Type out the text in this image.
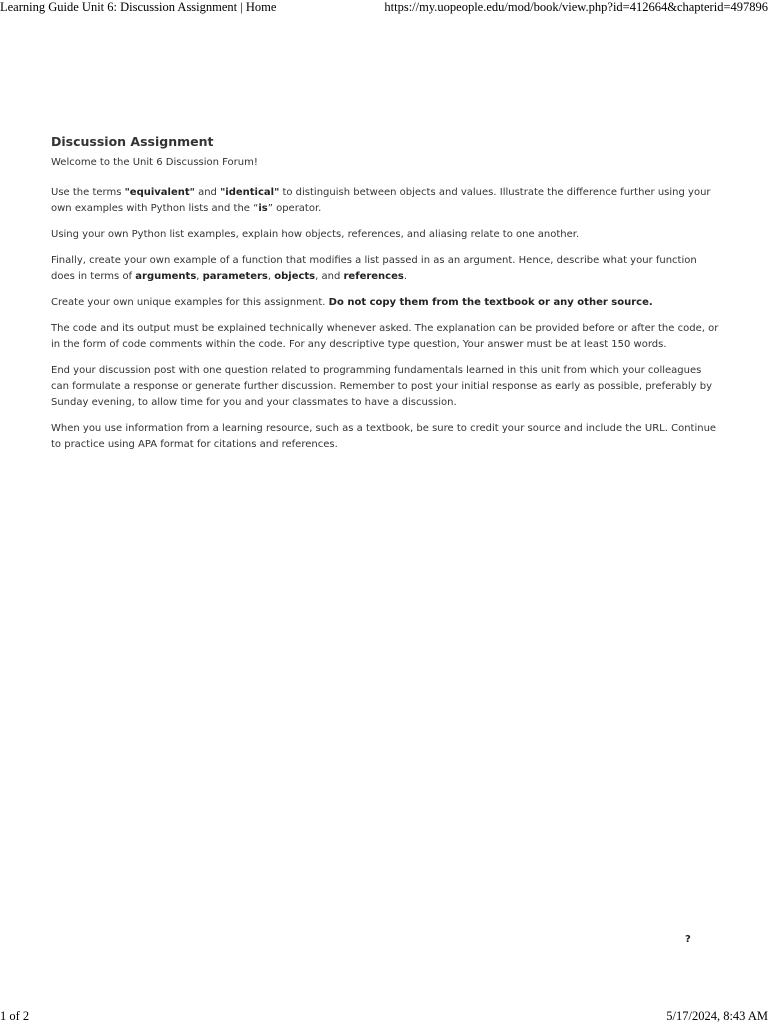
Learning Guide Unit 6: Discussion Assignment | Home	https://my.uopeople.edu/mod/book/view.php?id=412664&chapterid=497896
Discussion Assignment

Welcome to the Unit 6 Discussion Forum!

Use the terms "equivalent" and "identical" to distinguish between objects and values. Illustrate the difference further using your own examples with Python lists and the “is” operator.

Using your own Python list examples, explain how objects, references, and aliasing relate to one another.

Finally, create your own example of a function that modifies a list passed in as an argument. Hence, describe what your function does in terms of arguments, parameters, objects, and references.

Create your own unique examples for this assignment. Do not copy them from the textbook or any other source.

The code and its output must be explained technically whenever asked. The explanation can be provided before or after the code, or in the form of code comments within the code. For any descriptive type question, Your answer must be at least 150 words.

End your discussion post with one question related to programming fundamentals learned in this unit from which your colleagues can formulate a response or generate further discussion. Remember to post your initial response as early as possible, preferably by Sunday evening, to allow time for you and your classmates to have a discussion.

When you use information from a learning resource, such as a textbook, be sure to credit your source and include the URL. Continue to practice using APA format for citations and references.

?
1 of 2	5/17/2024, 8:43 AM
